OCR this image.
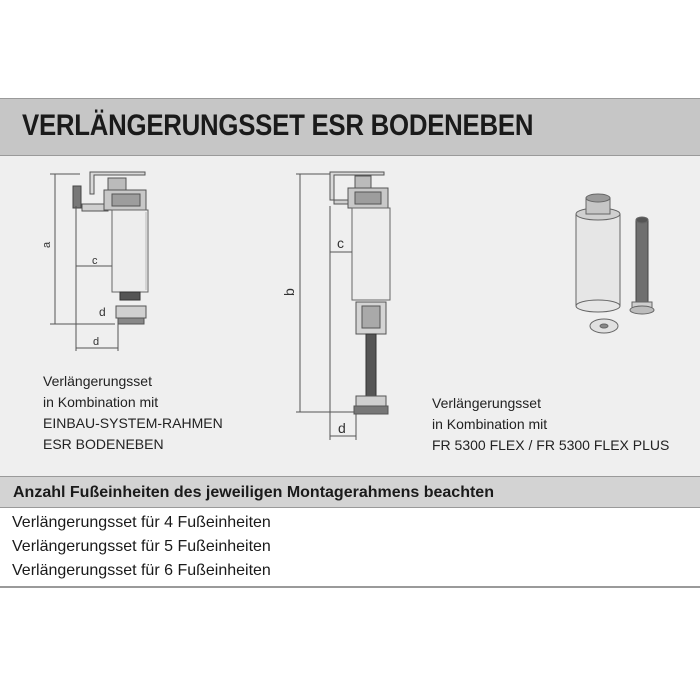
VERLÄNGERUNGSSET ESR BODENEBEN
a
c
d
d
b
c
d
Verlängerungsset
in Kombination mit
EINBAU-SYSTEM-RAHMEN
ESR BODENEBEN
Verlängerungsset
in Kombination mit
FR 5300 FLEX / FR 5300 FLEX PLUS
Anzahl Fußeinheiten des jeweiligen Montagerahmens beachten
Verlängerungsset für 4 Fußeinheiten
Verlängerungsset für 5 Fußeinheiten
Verlängerungsset für 6 Fußeinheiten
